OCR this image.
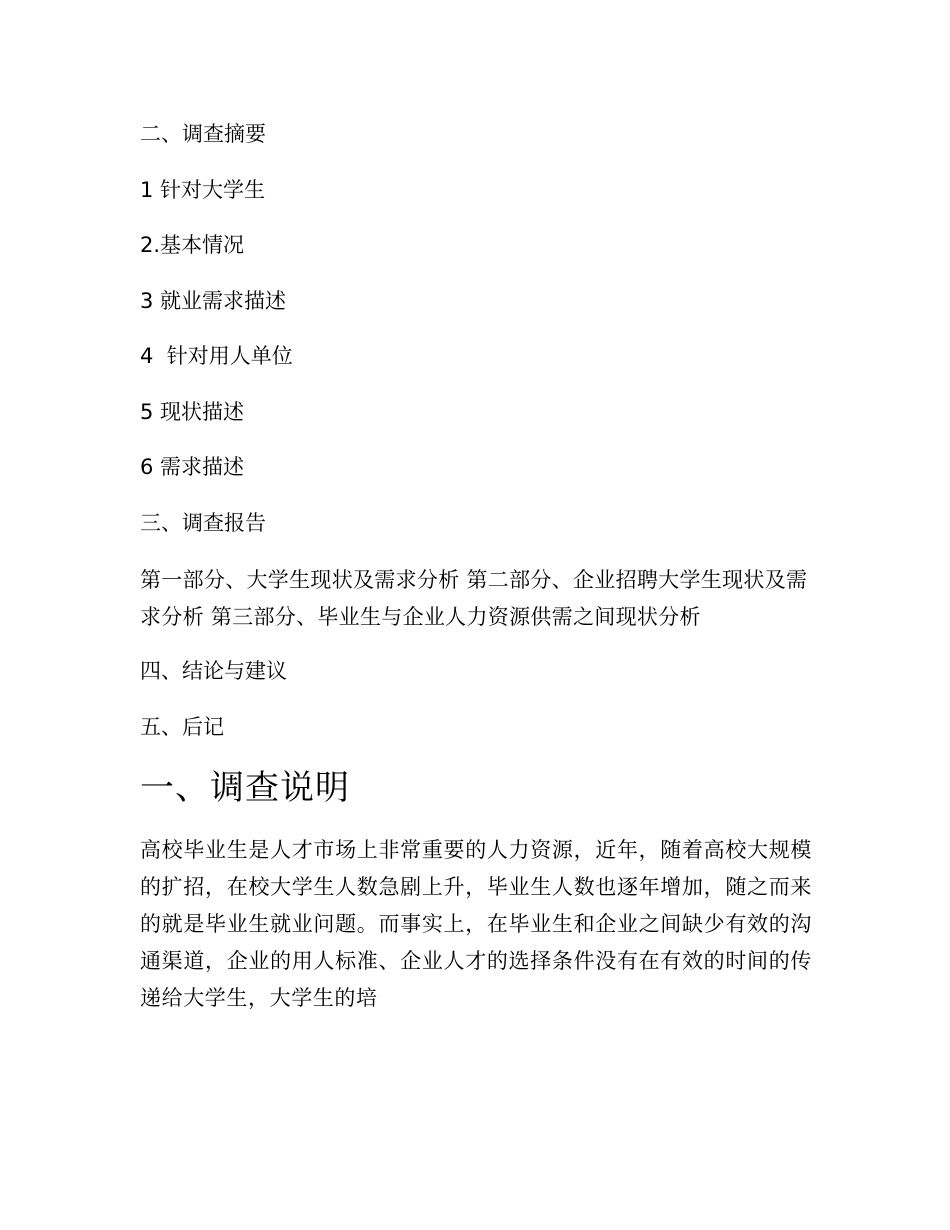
二、调查摘要
1 针对大学生
2.基本情况
3 就业需求描述
4  针对用人单位
5 现状描述
6 需求描述
三、调查报告
第一部分、大学生现状及需求分析 第二部分、企业招聘大学生现状及需求分析 第三部分、毕业生与企业人力资源供需之间现状分析
四、结论与建议
五、后记
一、调查说明

高校毕业生是人才市场上非常重要的人力资源，近年，随着高校大规模的扩招，在校大学生人数急剧上升，毕业生人数也逐年增加，随之而来的就是毕业生就业问题。而事实上，在毕业生和企业之间缺少有效的沟通渠道，企业的用人标准、企业人才的选择条件没有在有效的时间的传递给大学生，大学生的培
